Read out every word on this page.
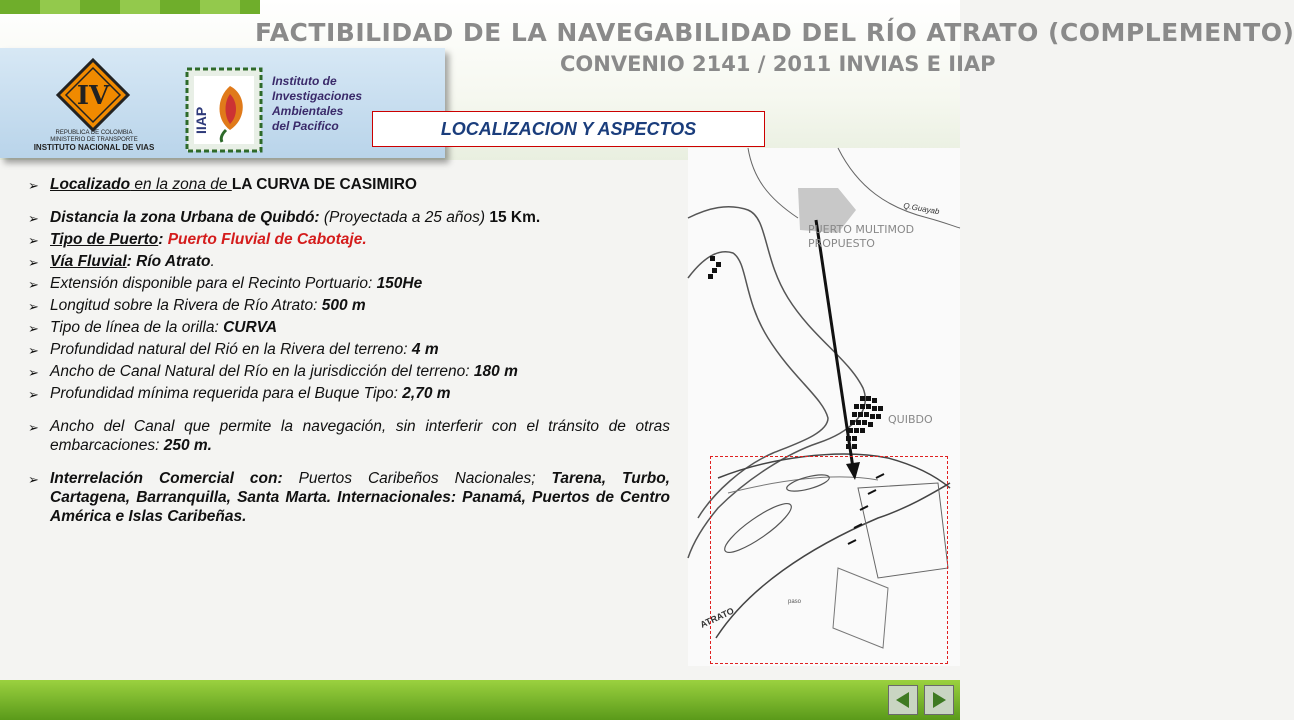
FACTIBILIDAD DE LA NAVEGABILIDAD DEL RÍO ATRATO (COMPLEMENTO)
CONVENIO 2141 / 2011 INVIAS E IIAP
IV
REPUBLICA DE COLOMBIA
MINISTERIO DE TRANSPORTE
INSTITUTO NACIONAL DE VIAS
IIAP
Instituto de
Investigaciones
Ambientales
del Pacifico	LOCALIZACION Y ASPECTOS
PUERTO MULTIMOD
PROPUESTO
QUIBDO
Q.Guayab
ATRATO
paso
➢ Localizado en la zona de LA CURVA DE CASIMIRO
➢ Distancia la zona Urbana de Quibdó: (Proyectada a 25 años) 15 Km.
➢ Tipo de Puerto: Puerto Fluvial de Cabotaje.
➢ Vía Fluvial: Río Atrato.
➢ Extensión disponible para el Recinto Portuario: 150He
➢ Longitud sobre la Rivera de Río Atrato: 500 m
➢ Tipo de línea de la orilla: CURVA
➢ Profundidad natural del Rió en la Rivera del terreno: 4 m
➢ Ancho de Canal Natural del Río en la jurisdicción del terreno: 180 m
➢ Profundidad mínima requerida para el Buque Tipo: 2,70 m
➢ Ancho del Canal que permite la navegación, sin interferir con el tránsito de otras embarcaciones: 250 m.
➢ Interrelación Comercial con: Puertos Caribeños Nacionales; Tarena, Turbo, Cartagena, Barranquilla, Santa Marta. Internacionales: Panamá, Puertos de Centro América e Islas Caribeñas.
